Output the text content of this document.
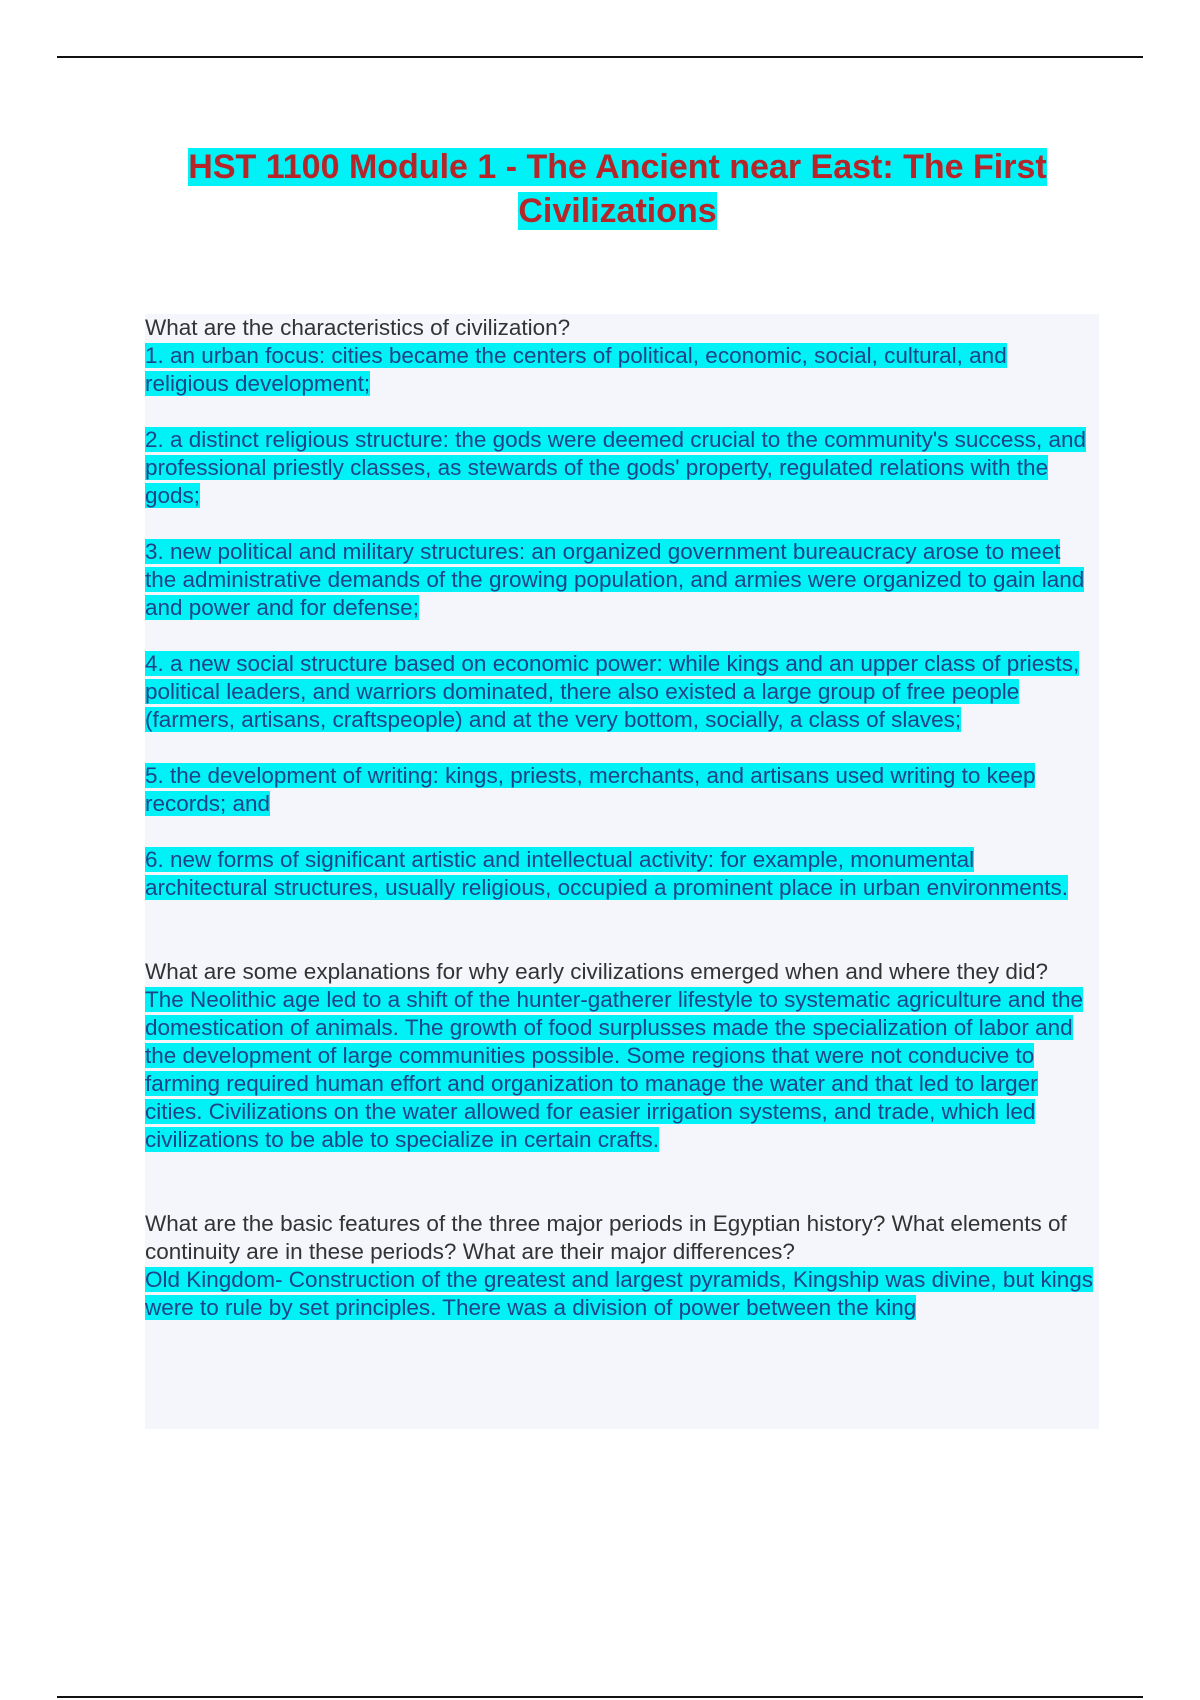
HST 1100 Module 1 - The Ancient near East: The First Civilizations

What are the characteristics of civilization?

1. an urban focus: cities became the centers of political, economic, social, cultural, and religious development;

2. a distinct religious structure: the gods were deemed crucial to the community's success, and professional priestly classes, as stewards of the gods' property, regulated relations with the gods;

3. new political and military structures: an organized government bureaucracy arose to meet the administrative demands of the growing population, and armies were organized to gain land and power and for defense;

4. a new social structure based on economic power: while kings and an upper class of priests, political leaders, and warriors dominated, there also existed a large group of free people (farmers, artisans, craftspeople) and at the very bottom, socially, a class of slaves;

5. the development of writing: kings, priests, merchants, and artisans used writing to keep records; and

6. new forms of significant artistic and intellectual activity: for example, monumental architectural structures, usually religious, occupied a prominent place in urban environments.

What are some explanations for why early civilizations emerged when and where they did?

The Neolithic age led to a shift of the hunter-gatherer lifestyle to systematic agriculture and the domestication of animals. The growth of food surplusses made the specialization of labor and the development of large communities possible. Some regions that were not conducive to farming required human effort and organization to manage the water and that led to larger cities. Civilizations on the water allowed for easier irrigation systems, and trade, which led civilizations to be able to specialize in certain crafts.

What are the basic features of the three major periods in Egyptian history? What elements of continuity are in these periods? What are their major differences?

Old Kingdom- Construction of the greatest and largest pyramids, Kingship was divine, but kings were to rule by set principles. There was a division of power between the king
